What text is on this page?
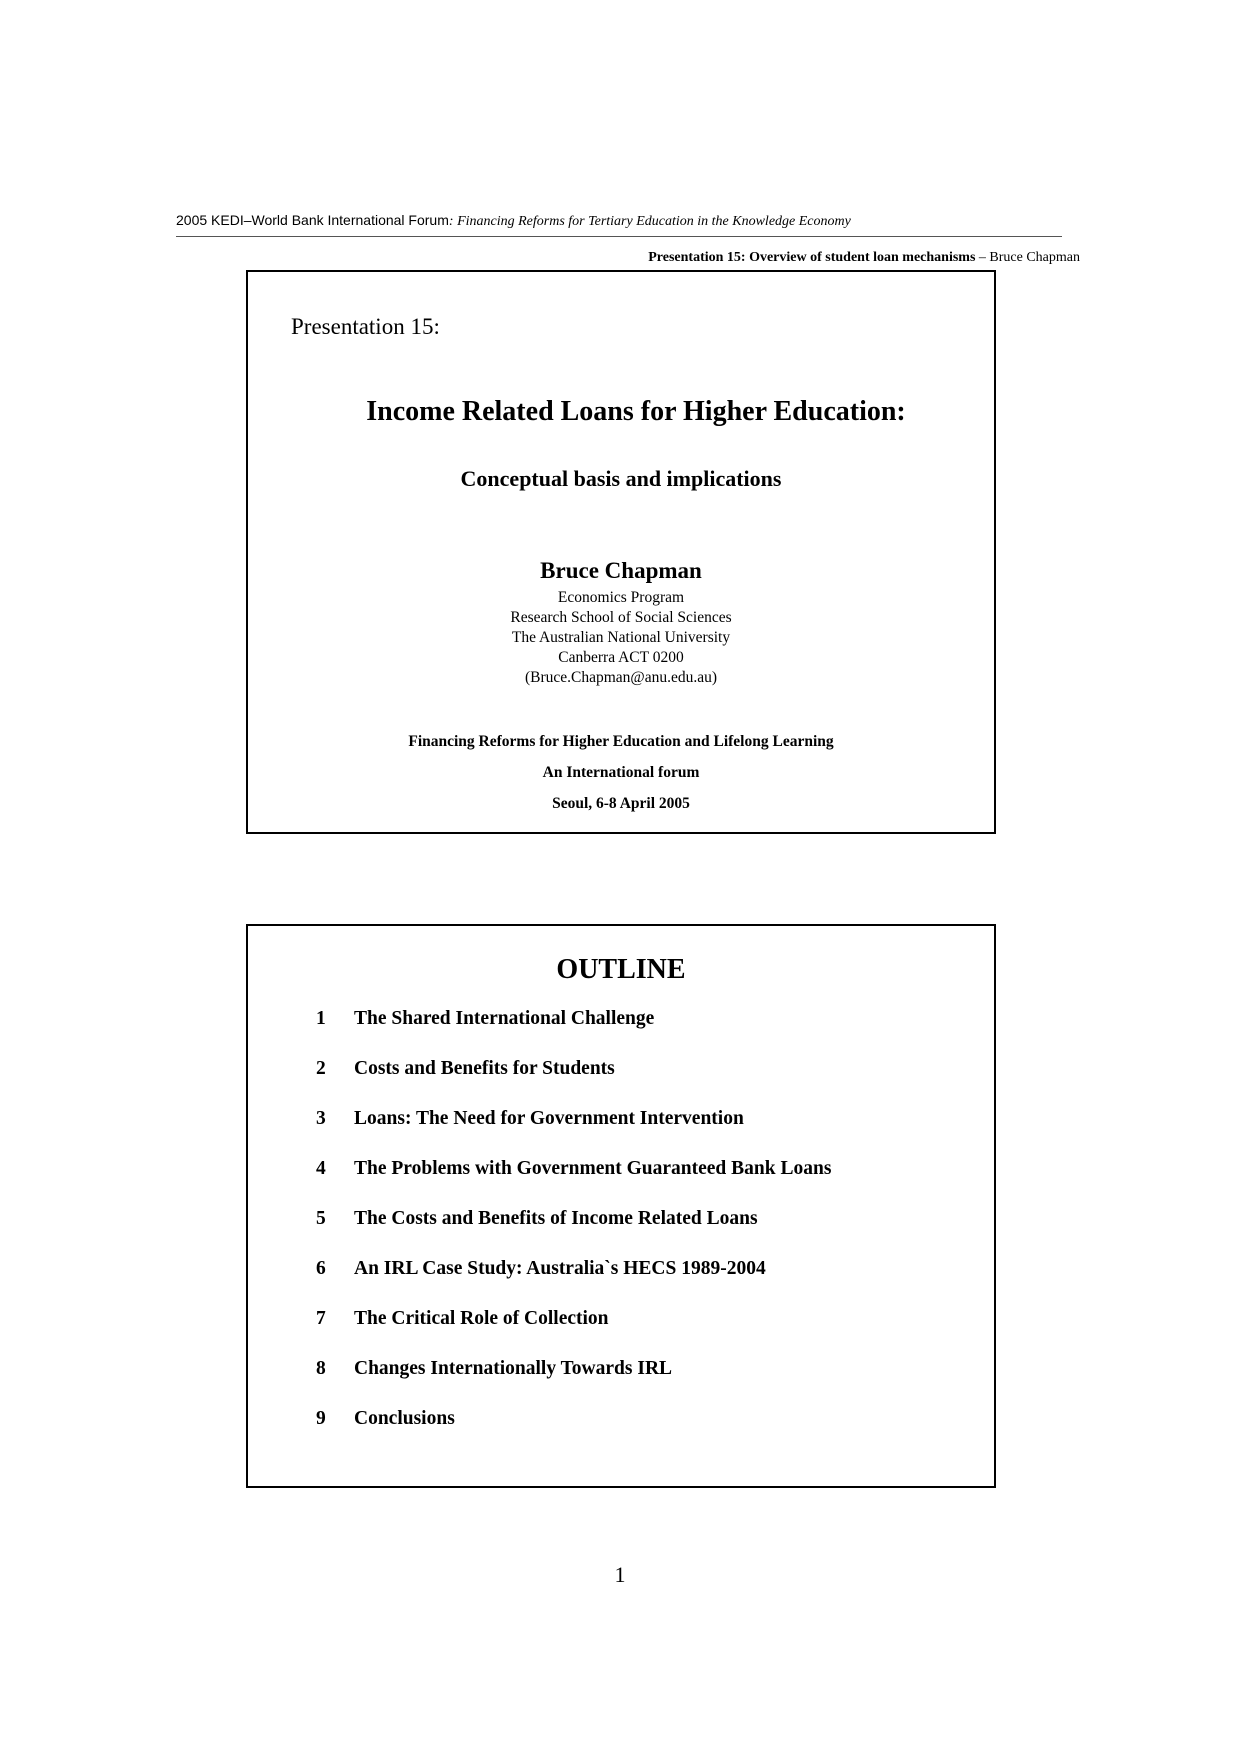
2005 KEDI–World Bank International Forum: Financing Reforms for Tertiary Education in the Knowledge Economy
Presentation 15: Overview of student loan mechanisms – Bruce Chapman
Presentation 15:
Income Related Loans for Higher Education:
Conceptual basis and implications
Bruce Chapman
Economics Program
Research School of Social Sciences
The Australian National University
Canberra ACT 0200
(Bruce.Chapman@anu.edu.au)
Financing Reforms for Higher Education and Lifelong Learning
An International forum
Seoul, 6-8 April 2005
OUTLINE
1	The Shared International Challenge
2	Costs and Benefits for Students
3	Loans: The Need for Government Intervention
4	The Problems with Government Guaranteed Bank Loans
5	The Costs and Benefits of Income Related Loans
6	An IRL Case Study: Australia`s HECS 1989-2004
7	The Critical Role of Collection
8	Changes Internationally Towards IRL
9	Conclusions
1
